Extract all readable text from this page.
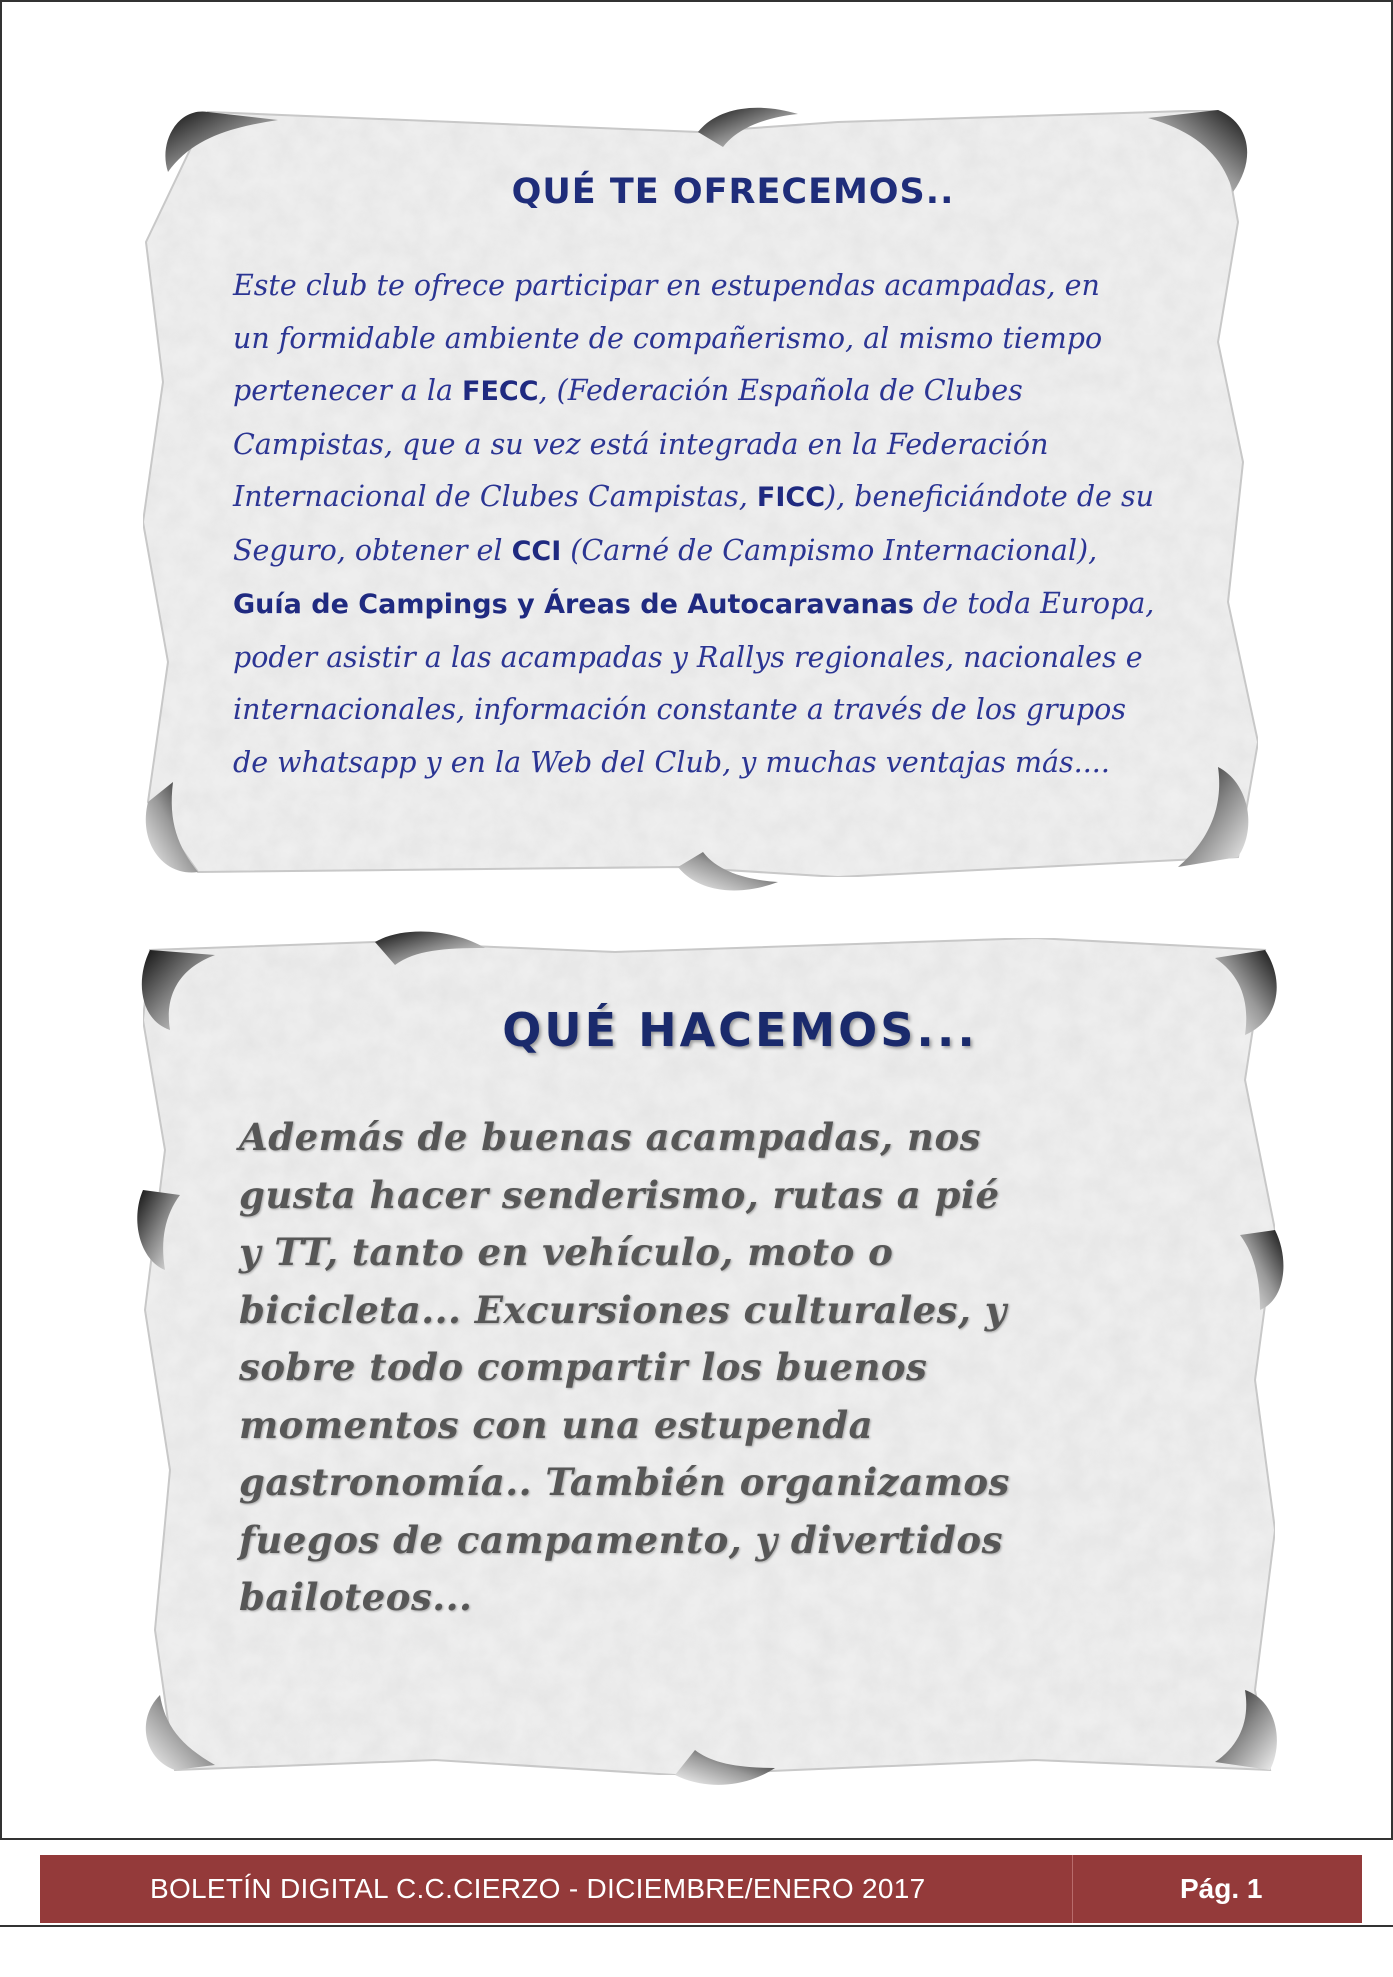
QUÉ TE OFRECEMOS..
Este club te ofrece participar en estupendas acampadas, en
un formidable ambiente de compañerismo, al mismo tiempo
pertenecer a la FECC, (Federación Española de Clubes
Campistas, que a su vez está integrada en la Federación
Internacional de Clubes Campistas, FICC), beneficiándote de su
Seguro, obtener el CCI (Carné de Campismo Internacional),
Guía de Campings y Áreas de Autocaravanas de toda Europa,
poder asistir a las acampadas y Rallys regionales, nacionales e
internacionales, información constante a través de los grupos
de whatsapp y en la Web del Club, y muchas ventajas más....
QUÉ HACEMOS...
Además de buenas acampadas, nos
gusta hacer senderismo, rutas a pié
y TT, tanto en vehículo, moto o
bicicleta... Excursiones culturales, y
sobre todo compartir los buenos
momentos con una estupenda
gastronomía.. También organizamos
fuegos de campamento, y divertidos
bailoteos...
BOLETÍN DIGITAL C.C.CIERZO - DICIEMBRE/ENERO 2017	Pág. 1
